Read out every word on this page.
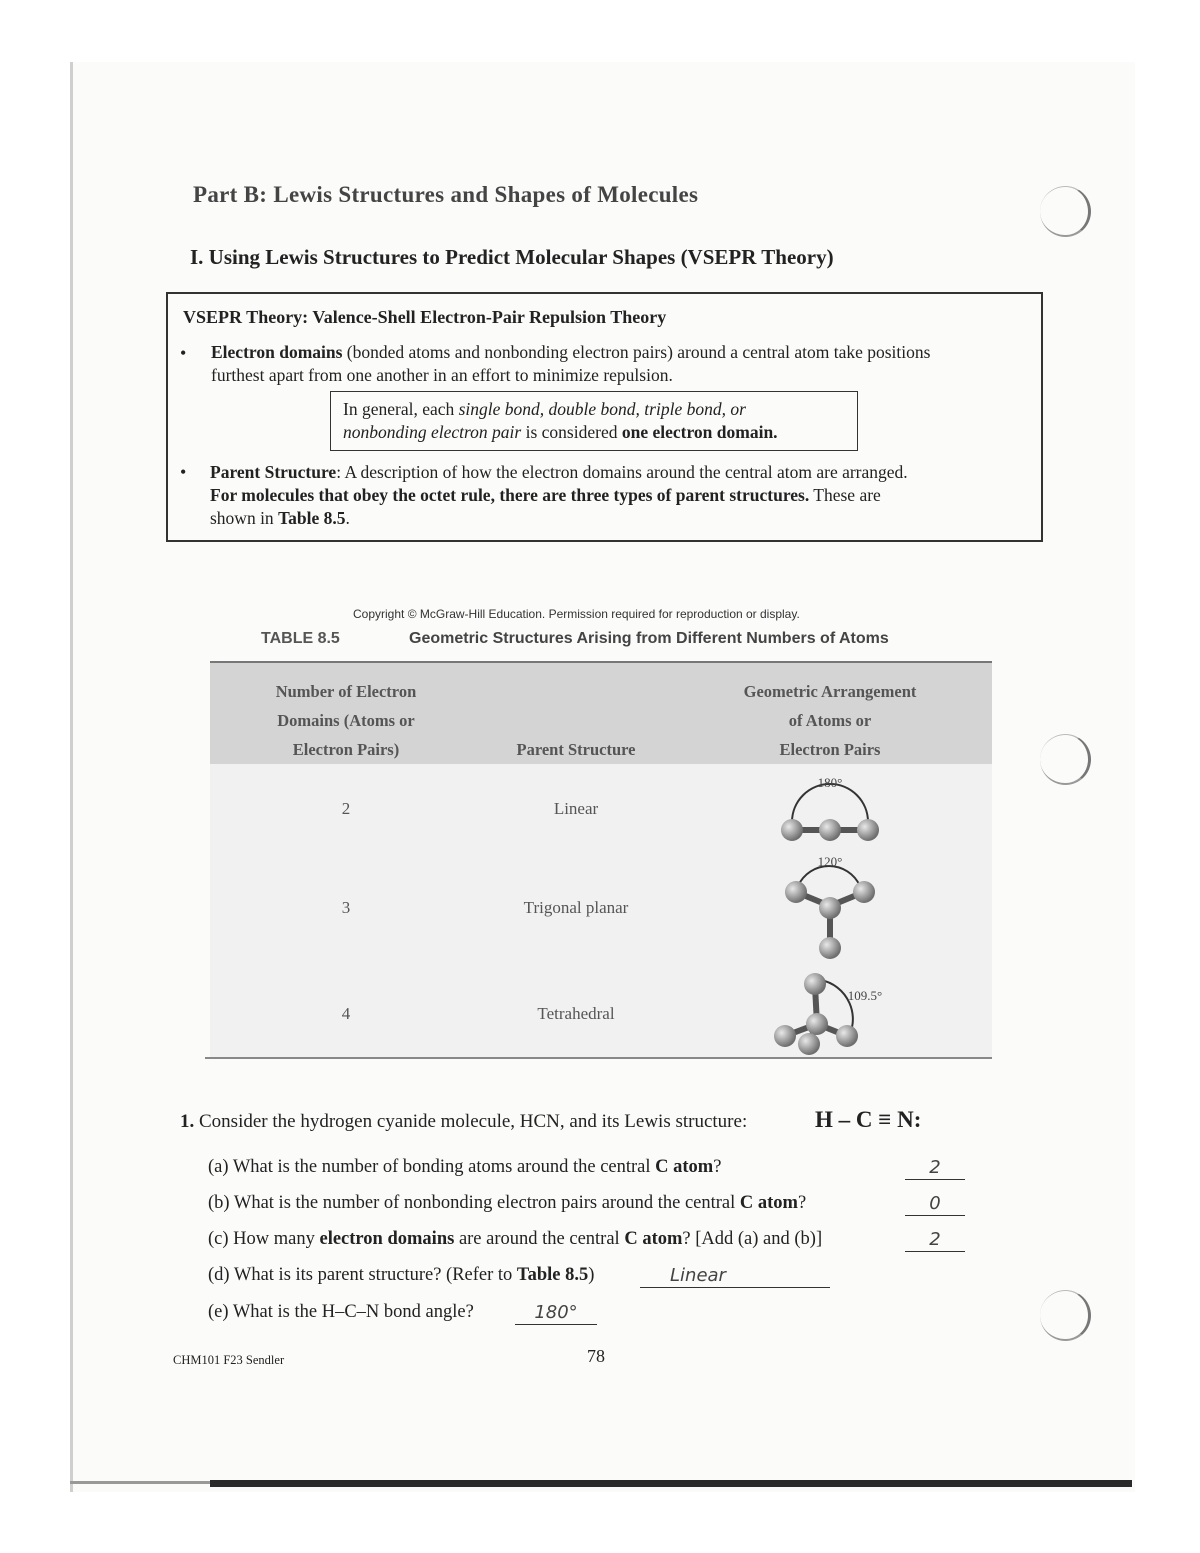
Part B: Lewis Structures and Shapes of Molecules
I. Using Lewis Structures to Predict Molecular Shapes (VSEPR Theory)
VSEPR Theory: Valence-Shell Electron-Pair Repulsion Theory
• Electron domains (bonded atoms and nonbonding electron pairs) around a central atom take positions
furthest apart from one another in an effort to minimize repulsion.
In general, each single bond, double bond, triple bond, or
nonbonding electron pair is considered one electron domain.
• Parent Structure: A description of how the electron domains around the central atom are arranged.
For molecules that obey the octet rule, there are three types of parent structures. These are
shown in Table 8.5.
Copyright © McGraw-Hill Education. Permission required for reproduction or display.
TABLE 8.5	Geometric Structures Arising from Different Numbers of Atoms
Number of Electron
Domains (Atoms or
Electron Pairs)	Parent Structure
Geometric Arrangement
of Atoms or
Electron Pairs
2	Linear
180°
3	Trigonal planar
120°
4	Tetrahedral
109.5°
1. Consider the hydrogen cyanide molecule, HCN, and its Lewis structure:	H – C ≡ N:
(a) What is the number of bonding atoms around the central C atom?	2
(b) What is the number of nonbonding electron pairs around the central C atom?	0
(c) How many electron domains are around the central C atom? [Add (a) and (b)]	2
(d) What is its parent structure? (Refer to Table 8.5)	Linear
(e) What is the H–C–N bond angle?	180°
CHM101 F23 Sendler	78
